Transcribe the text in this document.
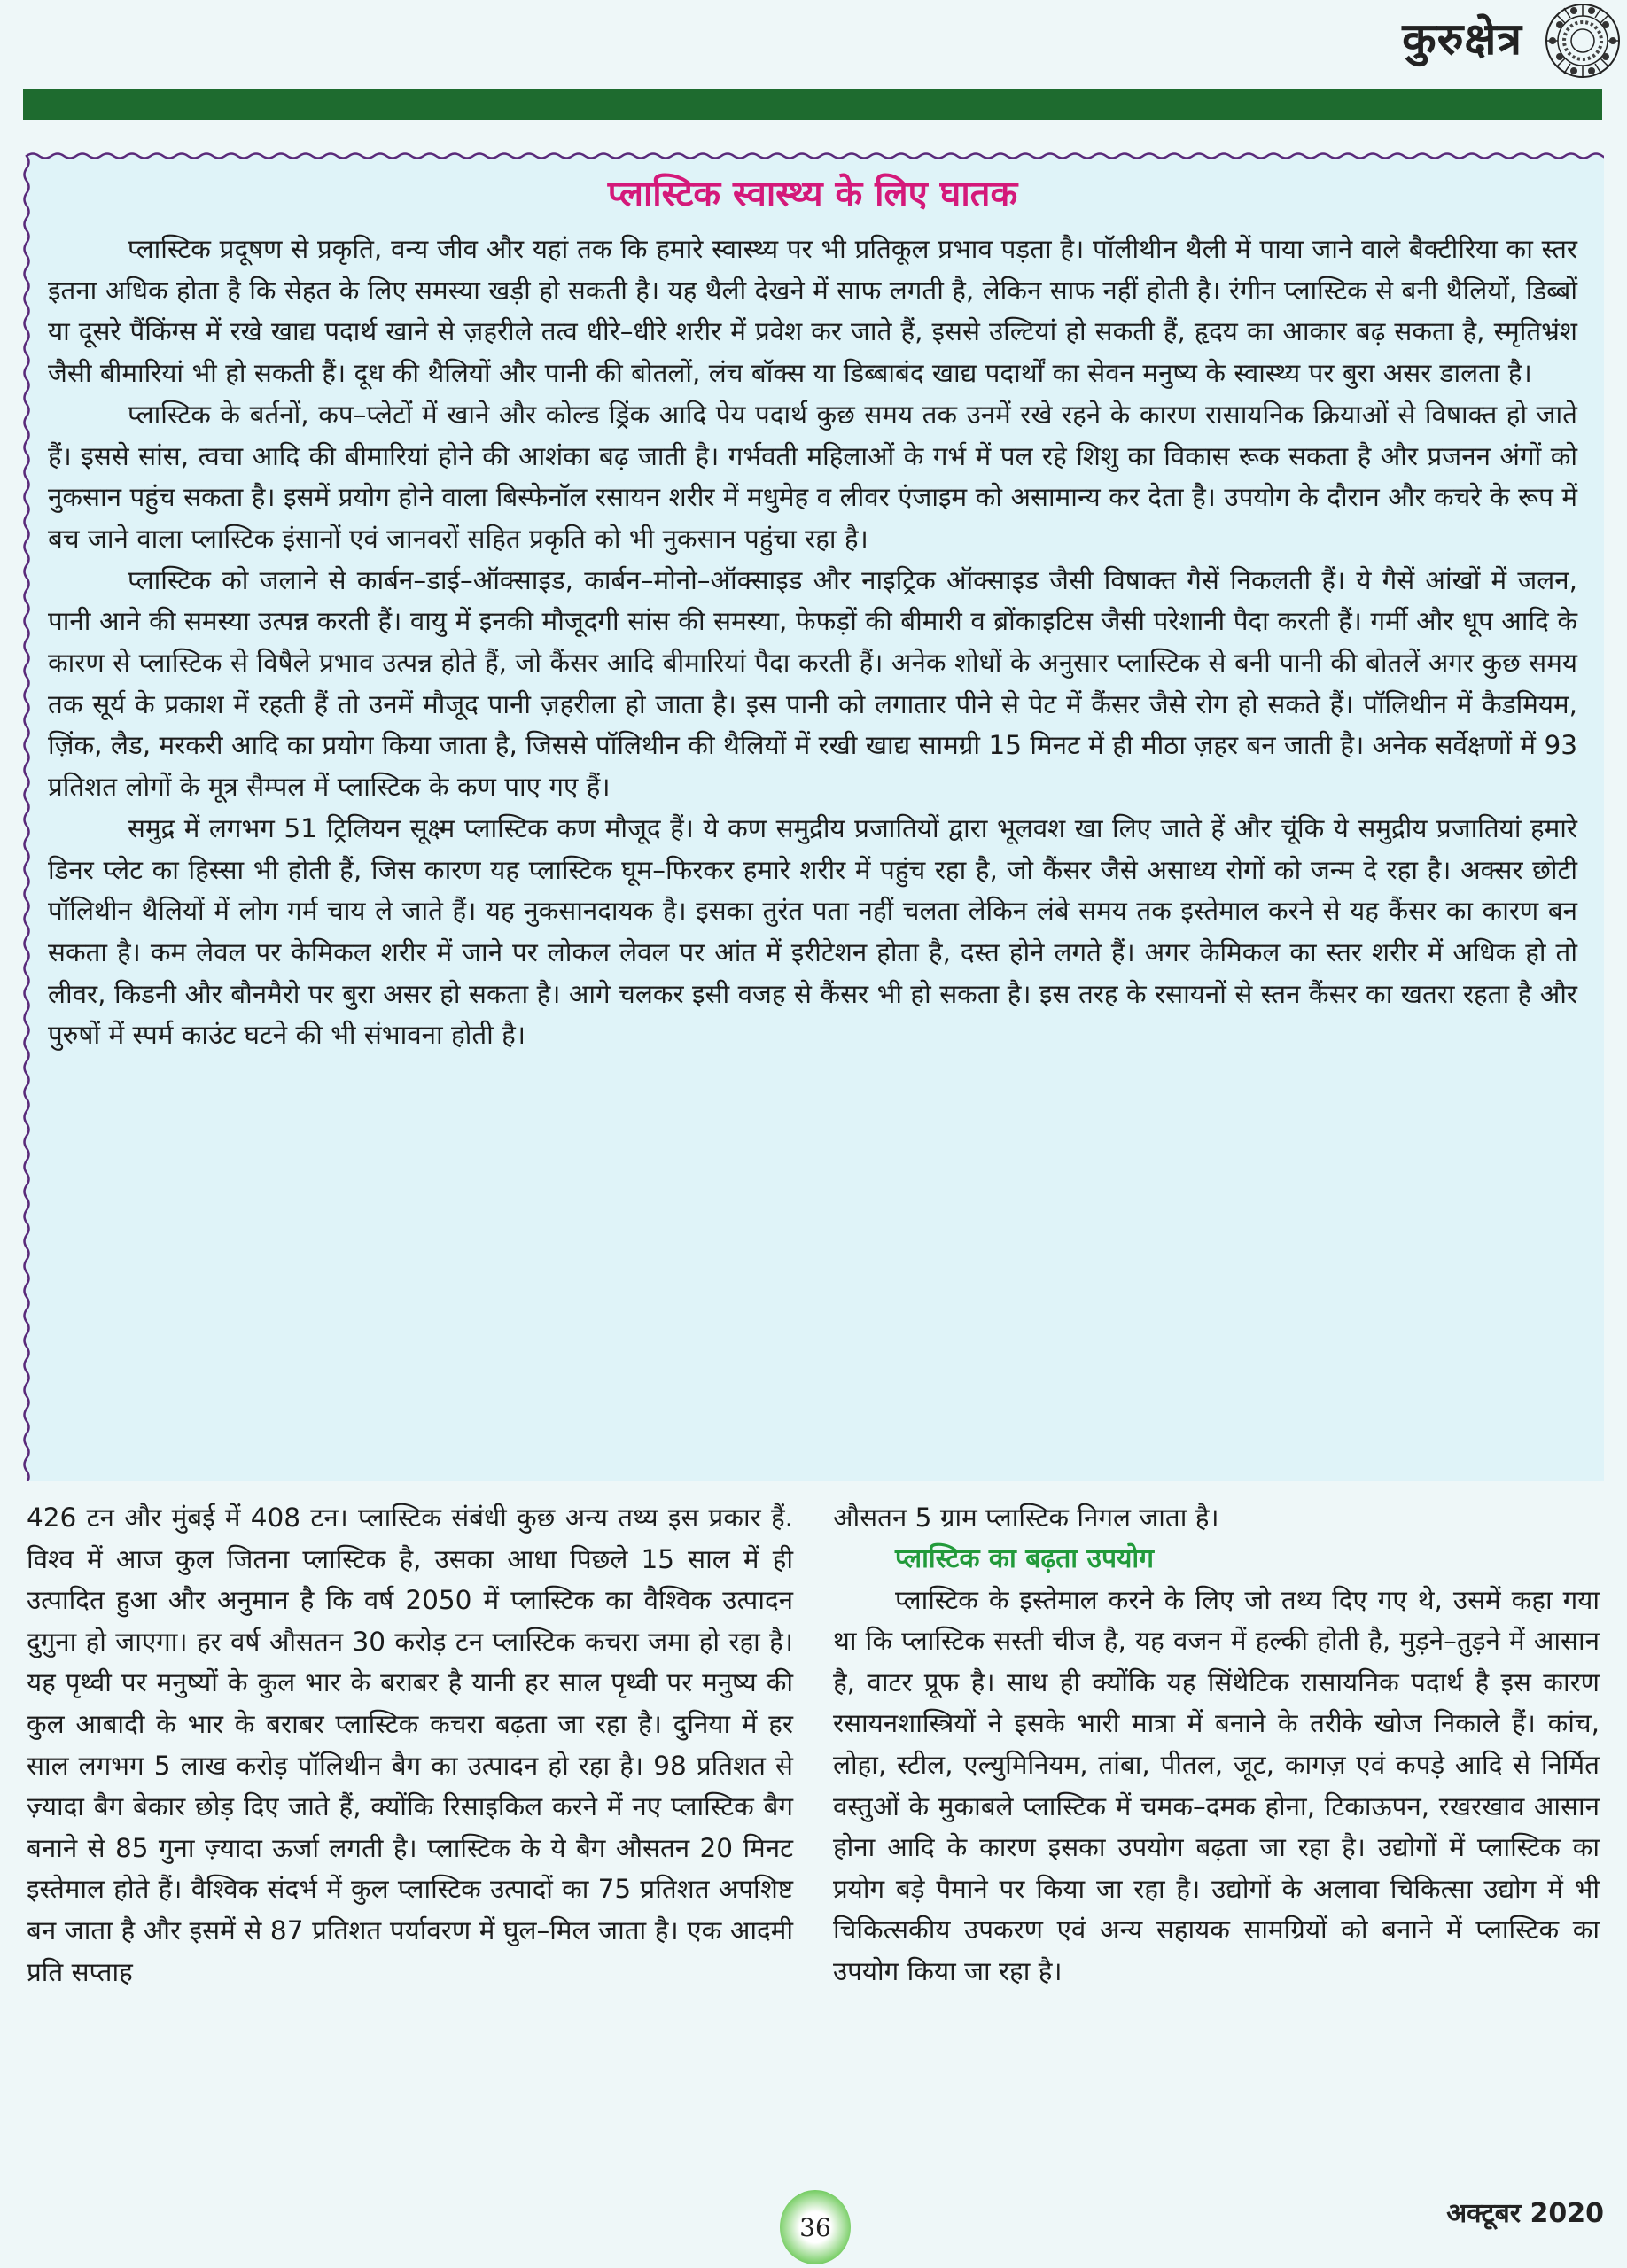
कुरुक्षेत्र
प्लास्टिक स्वास्थ्य के लिए घातक

प्लास्टिक प्रदूषण से प्रकृति, वन्य जीव और यहां तक कि हमारे स्वास्थ्य पर भी प्रतिकूल प्रभाव पड़ता है। पॉलीथीन थैली में पाया जाने वाले बैक्टीरिया का स्तर इतना अधिक होता है कि सेहत के लिए समस्या खड़ी हो सकती है। यह थैली देखने में साफ लगती है, लेकिन साफ नहीं होती है। रंगीन प्लास्टिक से बनी थैलियों, डिब्बों या दूसरे पैंकिंग्स में रखे खाद्य पदार्थ खाने से ज़हरीले तत्व धीरे–धीरे शरीर में प्रवेश कर जाते हैं, इससे उल्टियां हो सकती हैं, हृदय का आकार बढ़ सकता है, स्मृतिभ्रंश जैसी बीमारियां भी हो सकती हैं। दूध की थैलियों और पानी की बोतलों, लंच बॉक्स या डिब्बाबंद खाद्य पदार्थों का सेवन मनुष्य के स्वास्थ्य पर बुरा असर डालता है।

प्लास्टिक के बर्तनों, कप–प्लेटों में खाने और कोल्ड ड्रिंक आदि पेय पदार्थ कुछ समय तक उनमें रखे रहने के कारण रासायनिक क्रियाओं से विषाक्त हो जाते हैं। इससे सांस, त्वचा आदि की बीमारियां होने की आशंका बढ़ जाती है। गर्भवती महिलाओं के गर्भ में पल रहे शिशु का विकास रूक सकता है और प्रजनन अंगों को नुकसान पहुंच सकता है। इसमें प्रयोग होने वाला बिस्फेनॉल रसायन शरीर में मधुमेह व लीवर एंजाइम को असामान्य कर देता है। उपयोग के दौरान और कचरे के रूप में बच जाने वाला प्लास्टिक इंसानों एवं जानवरों सहित प्रकृति को भी नुकसान पहुंचा रहा है।

प्लास्टिक को जलाने से कार्बन–डाई–ऑक्साइड, कार्बन–मोनो–ऑक्साइड और नाइट्रिक ऑक्साइड जैसी विषाक्त गैसें निकलती हैं। ये गैसें आंखों में जलन, पानी आने की समस्या उत्पन्न करती हैं। वायु में इनकी मौजूदगी सांस की समस्या, फेफड़ों की बीमारी व ब्रोंकाइटिस जैसी परेशानी पैदा करती हैं। गर्मी और धूप आदि के कारण से प्लास्टिक से विषैले प्रभाव उत्पन्न होते हैं, जो कैंसर आदि बीमारियां पैदा करती हैं। अनेक शोधों के अनुसार प्लास्टिक से बनी पानी की बोतलें अगर कुछ समय तक सूर्य के प्रकाश में रहती हैं तो उनमें मौजूद पानी ज़हरीला हो जाता है। इस पानी को लगातार पीने से पेट में कैंसर जैसे रोग हो सकते हैं। पॉलिथीन में कैडमियम, ज़िंक, लैड, मरकरी आदि का प्रयोग किया जाता है, जिससे पॉलिथीन की थैलियों में रखी खाद्य सामग्री 15 मिनट में ही मीठा ज़हर बन जाती है। अनेक सर्वेक्षणों में 93 प्रतिशत लोगों के मूत्र सैम्पल में प्लास्टिक के कण पाए गए हैं।

समुद्र में लगभग 51 ट्रिलियन सूक्ष्म प्लास्टिक कण मौजूद हैं। ये कण समुद्रीय प्रजातियों द्वारा भूलवश खा लिए जाते हें और चूंकि ये समुद्रीय प्रजातियां हमारे डिनर प्लेट का हिस्सा भी होती हैं, जिस कारण यह प्लास्टिक घूम–फिरकर हमारे शरीर में पहुंच रहा है, जो कैंसर जैसे असाध्य रोगों को जन्म दे रहा है। अक्सर छोटी पॉलिथीन थैलियों में लोग गर्म चाय ले जाते हैं। यह नुकसानदायक है। इसका तुरंत पता नहीं चलता लेकिन लंबे समय तक इस्तेमाल करने से यह कैंसर का कारण बन सकता है। कम लेवल पर केमिकल शरीर में जाने पर लोकल लेवल पर आंत में इरीटेशन होता है, दस्त होने लगते हैं। अगर केमिकल का स्तर शरीर में अधिक हो तो लीवर, किडनी और बौनमैरो पर बुरा असर हो सकता है। आगे चलकर इसी वजह से कैंसर भी हो सकता है। इस तरह के रसायनों से स्तन कैंसर का खतरा रहता है और पुरुषों में स्पर्म काउंट घटने की भी संभावना होती है।

426 टन और मुंबई में 408 टन। प्लास्टिक संबंधी कुछ अन्य तथ्य इस प्रकार हैं. विश्व में आज कुल जितना प्लास्टिक है, उसका आधा पिछले 15 साल में ही उत्पादित हुआ और अनुमान है कि वर्ष 2050 में प्लास्टिक का वैश्विक उत्पादन दुगुना हो जाएगा। हर वर्ष औसतन 30 करोड़ टन प्लास्टिक कचरा जमा हो रहा है। यह पृथ्वी पर मनुष्यों के कुल भार के बराबर है यानी हर साल पृथ्वी पर मनुष्य की कुल आबादी के भार के बराबर प्लास्टिक कचरा बढ़ता जा रहा है। दुनिया में हर साल लगभग 5 लाख करोड़ पॉलिथीन बैग का उत्पादन हो रहा है। 98 प्रतिशत से ज़्यादा बैग बेकार छोड़ दिए जाते हैं, क्योंकि रिसाइकिल करने में नए प्लास्टिक बैग बनाने से 85 गुना ज़्यादा ऊर्जा लगती है। प्लास्टिक के ये बैग औसतन 20 मिनट इस्तेमाल होते हैं। वैश्विक संदर्भ में कुल प्लास्टिक उत्पादों का 75 प्रतिशत अपशिष्ट बन जाता है और इसमें से 87 प्रतिशत पर्यावरण में घुल–मिल जाता है। एक आदमी प्रति सप्ताह

औसतन 5 ग्राम प्लास्टिक निगल जाता है।

प्लास्टिक का बढ़ता उपयोग

प्लास्टिक के इस्तेमाल करने के लिए जो तथ्य दिए गए थे, उसमें कहा गया था कि प्लास्टिक सस्ती चीज है, यह वजन में हल्की होती है, मुड़ने–तुड़ने में आसान है, वाटर प्रूफ है। साथ ही क्योंकि यह सिंथेटिक रासायनिक पदार्थ है इस कारण रसायनशास्त्रियों ने इसके भारी मात्रा में बनाने के तरीके खोज निकाले हैं। कांच, लोहा, स्टील, एल्युमिनियम, तांबा, पीतल, जूट, कागज़ एवं कपड़े आदि से निर्मित वस्तुओं के मुकाबले प्लास्टिक में चमक–दमक होना, टिकाऊपन, रखरखाव आसान होना आदि के कारण इसका उपयोग बढ़ता जा रहा है। उद्योगों में प्लास्टिक का प्रयोग बड़े पैमाने पर किया जा रहा है। उद्योगों के अलावा चिकित्सा उद्योग में भी चिकित्सकीय उपकरण एवं अन्य सहायक सामग्रियों को बनाने में प्लास्टिक का उपयोग किया जा रहा है।

36	अक्टूबर 2020
